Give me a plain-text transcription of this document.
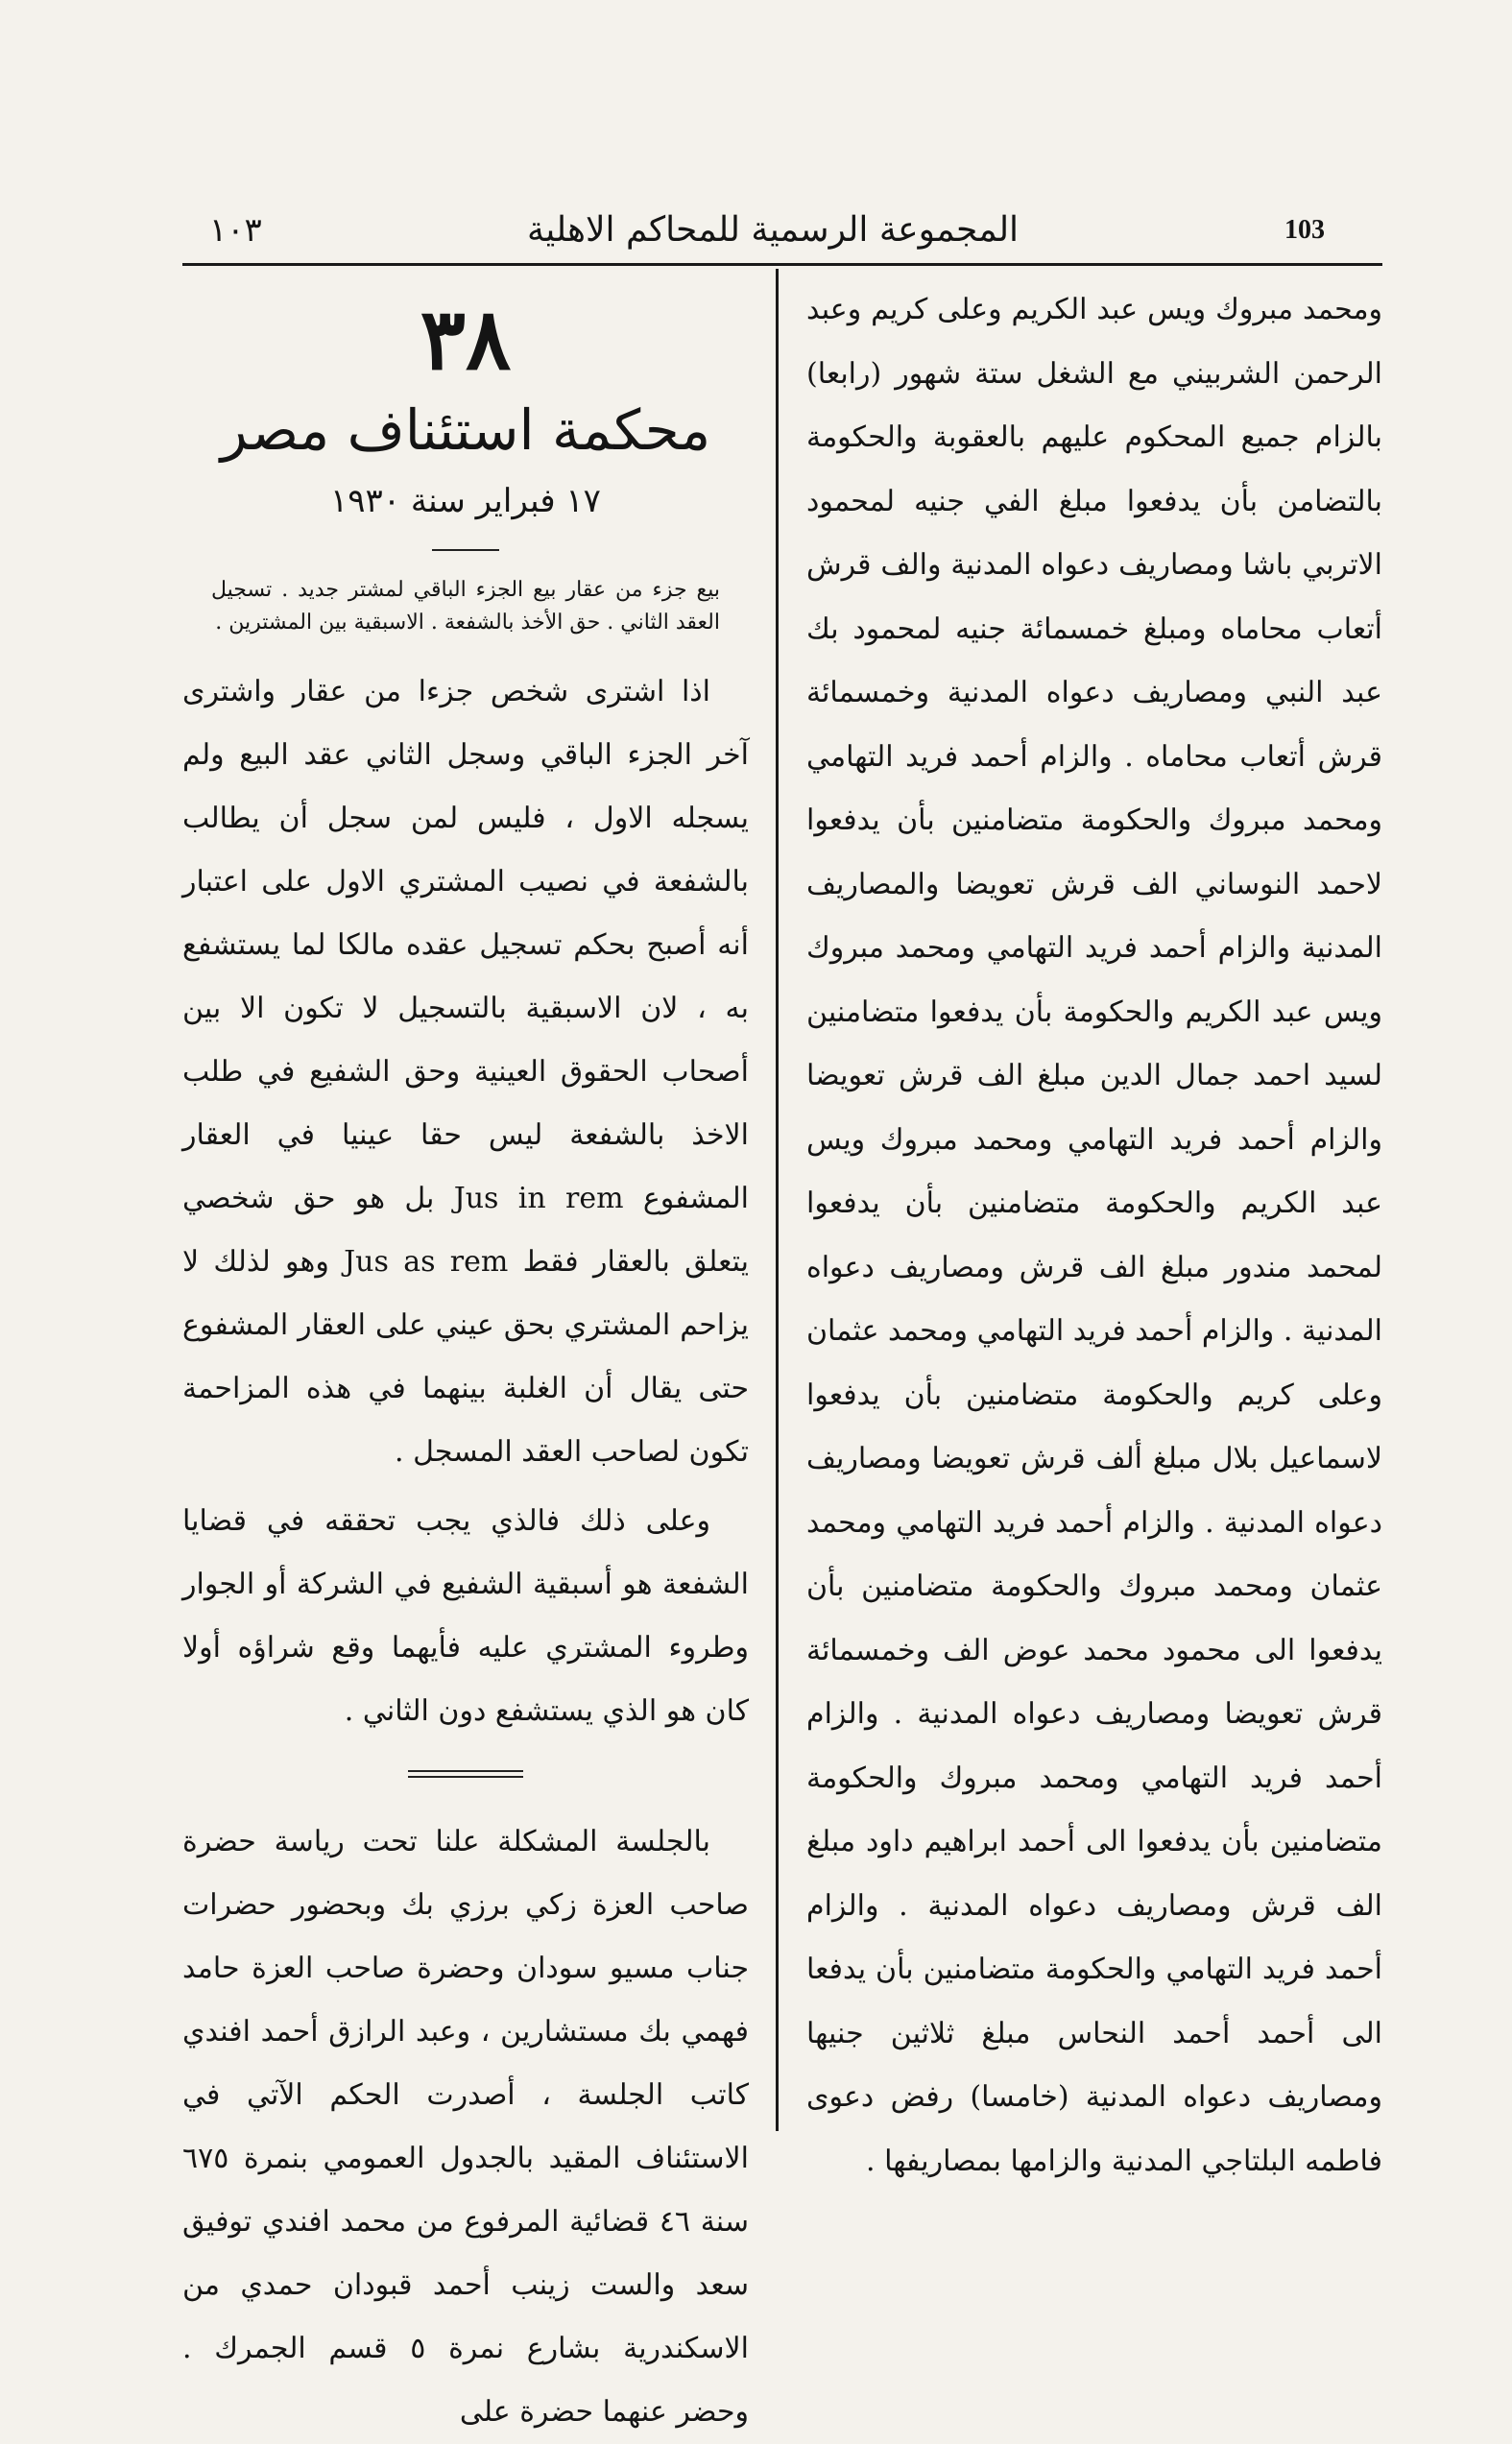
١٠٣	المجموعة الرسمية للمحاكم الاهلية	103
٣٨
محكمة استئناف مصر
١٧ فبراير سنة ١٩٣٠
بيع جزء من عقار بيع الجزء الباقي لمشتر جديد . تسجيل العقد الثاني . حق الأخذ بالشفعة . الاسبقية بين المشترين .

اذا اشترى شخص جزءا من عقار واشترى آخر الجزء الباقي وسجل الثاني عقد البيع ولم يسجله الاول ، فليس لمن سجل أن يطالب بالشفعة في نصيب المشتري الاول على اعتبار أنه أصبح بحكم تسجيل عقده مالكا لما يستشفع به ، لان الاسبقية بالتسجيل لا تكون الا بين أصحاب الحقوق العينية وحق الشفيع في طلب الاخذ بالشفعة ليس حقا عينيا في العقار المشفوع Jus in rem بل هو حق شخصي يتعلق بالعقار فقط Jus as rem وهو لذلك لا يزاحم المشتري بحق عيني على العقار المشفوع حتى يقال أن الغلبة بينهما في هذه المزاحمة تكون لصاحب العقد المسجل .

وعلى ذلك فالذي يجب تحققه في قضايا الشفعة هو أسبقية الشفيع في الشركة أو الجوار وطروء المشتري عليه فأيهما وقع شراؤه أولا كان هو الذي يستشفع دون الثاني .

بالجلسة المشكلة علنا تحت رياسة حضرة صاحب العزة زكي برزي بك وبحضور حضرات جناب مسيو سودان وحضرة صاحب العزة حامد فهمي بك مستشارين ، وعبد الرازق أحمد افندي كاتب الجلسة ، أصدرت الحكم الآتي في الاستئناف المقيد بالجدول العمومي بنمرة ٦٧٥ سنة ٤٦ قضائية المرفوع من محمد افندي توفيق سعد والست زينب أحمد قبودان حمدي من الاسكندرية بشارع نمرة ٥ قسم الجمرك . وحضر عنهما حضرة على

ومحمد مبروك ويس عبد الكريم وعلى كريم وعبد الرحمن الشربيني مع الشغل ستة شهور (رابعا) بالزام جميع المحكوم عليهم بالعقوبة والحكومة بالتضامن بأن يدفعوا مبلغ الفي جنيه لمحمود الاتربي باشا ومصاريف دعواه المدنية والف قرش أتعاب محاماه ومبلغ خمسمائة جنيه لمحمود بك عبد النبي ومصاريف دعواه المدنية وخمسمائة قرش أتعاب محاماه . والزام أحمد فريد التهامي ومحمد مبروك والحكومة متضامنين بأن يدفعوا لاحمد النوساني الف قرش تعويضا والمصاريف المدنية والزام أحمد فريد التهامي ومحمد مبروك ويس عبد الكريم والحكومة بأن يدفعوا متضامنين لسيد احمد جمال الدين مبلغ الف قرش تعويضا والزام أحمد فريد التهامي ومحمد مبروك ويس عبد الكريم والحكومة متضامنين بأن يدفعوا لمحمد مندور مبلغ الف قرش ومصاريف دعواه المدنية . والزام أحمد فريد التهامي ومحمد عثمان وعلى كريم والحكومة متضامنين بأن يدفعوا لاسماعيل بلال مبلغ ألف قرش تعويضا ومصاريف دعواه المدنية . والزام أحمد فريد التهامي ومحمد عثمان ومحمد مبروك والحكومة متضامنين بأن يدفعوا الى محمود محمد عوض الف وخمسمائة قرش تعويضا ومصاريف دعواه المدنية . والزام أحمد فريد التهامي ومحمد مبروك والحكومة متضامنين بأن يدفعوا الى أحمد ابراهيم داود مبلغ الف قرش ومصاريف دعواه المدنية . والزام أحمد فريد التهامي والحكومة متضامنين بأن يدفعا الى أحمد أحمد النحاس مبلغ ثلاثين جنيها ومصاريف دعواه المدنية (خامسا) رفض دعوى فاطمه البلتاجي المدنية والزامها بمصاريفها .
